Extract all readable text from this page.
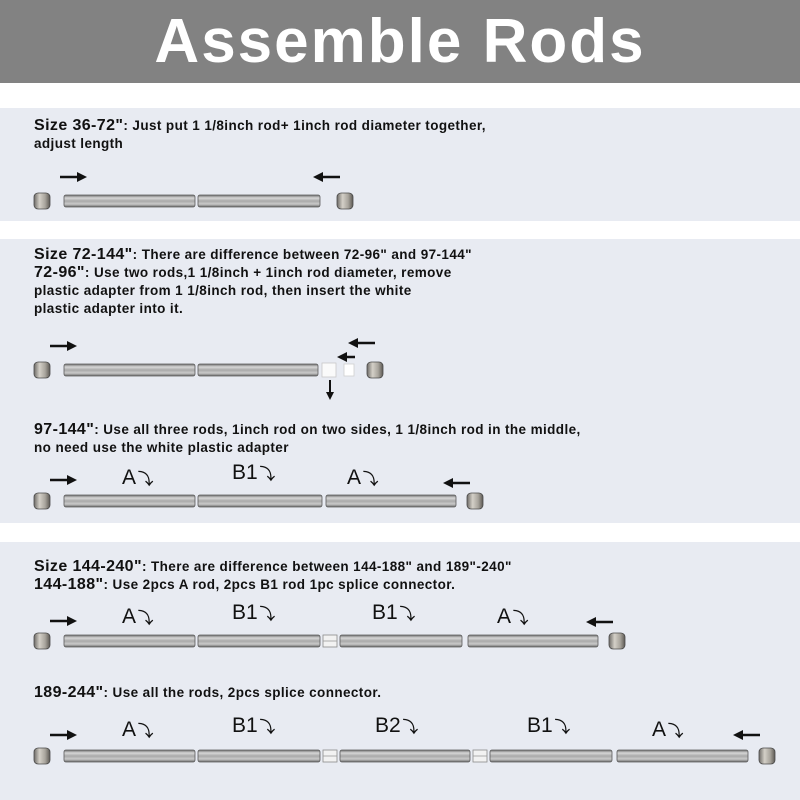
Assemble Rods
Size 36-72": Just put 1 1/8inch rod+ 1inch rod diameter together,
adjust length
Size 72-144": There are difference between 72-96" and 97-144"
72-96": Use two rods,1 1/8inch + 1inch rod diameter, remove
plastic adapter from 1 1/8inch rod, then insert the white
plastic adapter into it.
97-144": Use all three rods, 1inch rod on two sides, 1 1/8inch rod in the middle,
no need use the white plastic adapter
A ⤵	B1 ⤵	A ⤵
Size 144-240": There are difference between 144-188" and 189"-240"
144-188": Use 2pcs A rod, 2pcs B1 rod 1pc splice connector.
A ⤵	B1 ⤵	B1 ⤵	A ⤵
189-244": Use all the rods, 2pcs splice connector.
A ⤵	B1 ⤵	B2 ⤵	B1 ⤵	A ⤵
